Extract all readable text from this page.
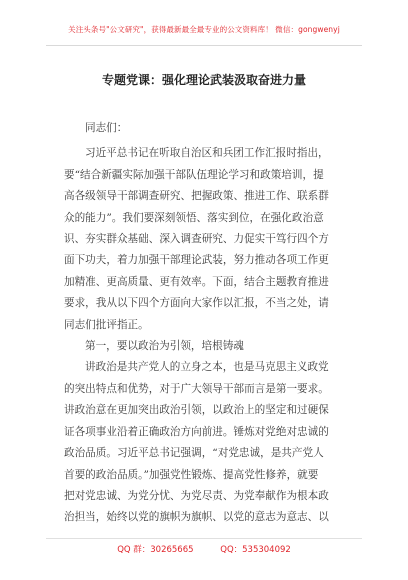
关注头条号"公文研究"，获得最新最全最专业的公文资料库！ 微信：gongwenyj
专题党课：强化理论武装汲取奋进力量
同志们：
习近平总书记在听取自治区和兵团工作汇报时指出，
要“结合新疆实际加强干部队伍理论学习和政策培训，提
高各级领导干部调查研究、把握政策、推进工作、联系群
众的能力”。我们要深刻领悟、落实到位，在强化政治意
识、夯实群众基础、深入调查研究、力促实干笃行四个方
面下功夫，着力加强干部理论武装，努力推动各项工作更
加精准、更高质量、更有效率。下面，结合主题教育推进
要求，我从以下四个方面向大家作以汇报，不当之处，请
同志们批评指正。
第一，要以政治为引领，培根铸魂
讲政治是共产党人的立身之本，也是马克思主义政党
的突出特点和优势，对于广大领导干部而言是第一要求。
讲政治意在更加突出政治引领，以政治上的坚定和过硬保
证各项事业沿着正确政治方向前进。锤炼对党绝对忠诚的
政治品质。习近平总书记强调，“对党忠诚，是共产党人
首要的政治品质。”加强党性锻炼、提高党性修养，就要
把对党忠诚、为党分忧、为党尽责、为党奉献作为根本政
治担当，始终以党的旗帜为旗帜、以党的意志为意志、以
QQ 群：30265665	QQ：535304092
